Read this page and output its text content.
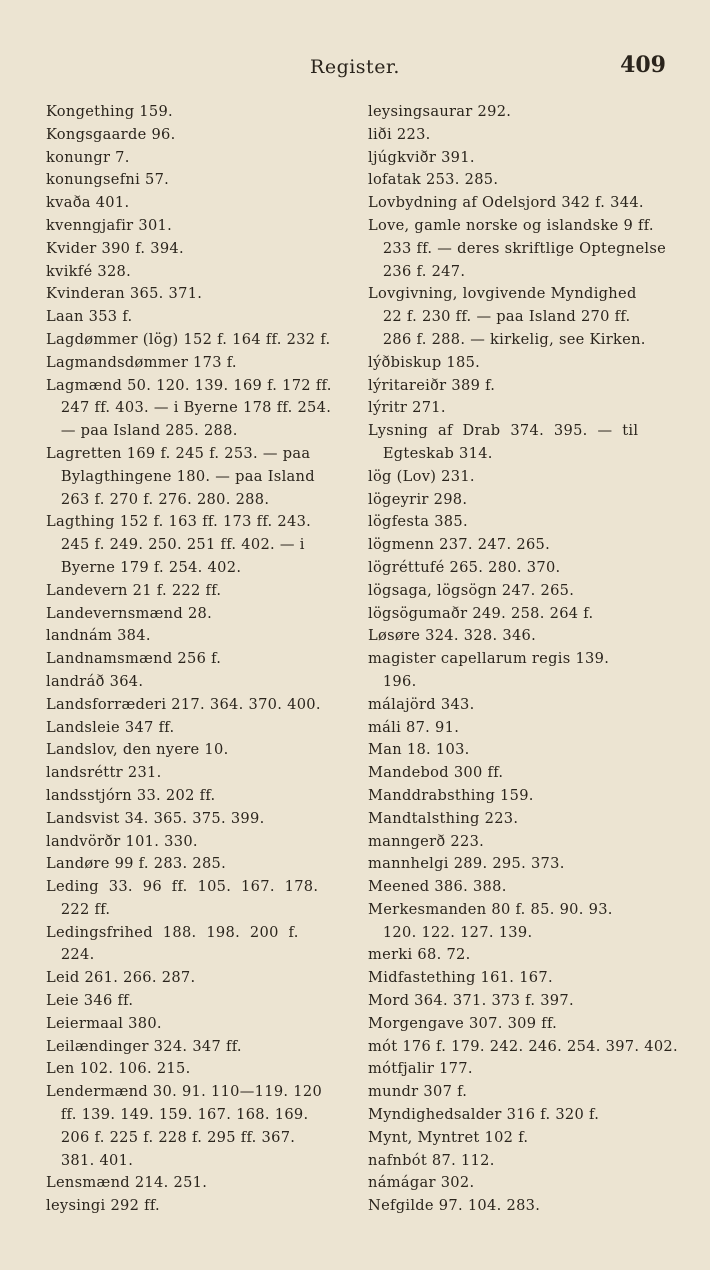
Register.	409
Kongething 159.
Kongsgaarde 96.
konungr 7.
konungsefni 57.
kvaða 401.
kvenngjafir 301.
Kvider 390 f. 394.
kvikfé 328.
Kvinderan 365. 371.
Laan 353 f.
Lagdømmer (lög) 152 f. 164 ff. 232 f.
Lagmandsdømmer 173 f.
Lagmænd 50. 120. 139. 169 f. 172 ff.
247 ff. 403. — i Byerne 178 ff. 254.
— paa Island 285. 288.
Lagretten 169 f. 245 f. 253. — paa
Bylagthingene 180. — paa Island
263 f. 270 f. 276. 280. 288.
Lagthing 152 f. 163 ff. 173 ff. 243.
245 f. 249. 250. 251 ff. 402. — i
Byerne 179 f. 254. 402.
Landevern 21 f. 222 ff.
Landevernsmænd 28.
landnám 384.
Landnamsmænd 256 f.
landráð 364.
Landsforræderi 217. 364. 370. 400.
Landsleie 347 ff.
Landslov, den nyere 10.
landsréttr 231.
landsstjórn 33. 202 ff.
Landsvist 34. 365. 375. 399.
landvörðr 101. 330.
Landøre 99 f. 283. 285.
Leding  33.  96  ff.  105.  167.  178.
222 ff.
Ledingsfrihed  188.  198.  200  f.
224.
Leid 261. 266. 287.
Leie 346 ff.
Leiermaal 380.
Leilændinger 324. 347 ff.
Len 102. 106. 215.
Lendermænd 30. 91. 110—119. 120
ff. 139. 149. 159. 167. 168. 169.
206 f. 225 f. 228 f. 295 ff. 367.
381. 401.
Lensmænd 214. 251.
leysingi 292 ff.
leysingsaurar 292.
liði 223.
ljúgkviðr 391.
lofatak 253. 285.
Lovbydning af Odelsjord 342 f. 344.
Love, gamle norske og islandske 9 ff.
233 ff. — deres skriftlige Optegnelse
236 f. 247.
Lovgivning, lovgivende Myndighed
22 f. 230 ff. — paa Island 270 ff.
286 f. 288. — kirkelig, see Kirken.
lýðbiskup 185.
lýritareiðr 389 f.
lýritr 271.
Lysning  af  Drab  374.  395.  —  til
Egteskab 314.
lög (Lov) 231.
lögeyrir 298.
lögfesta 385.
lögmenn 237. 247. 265.
lögréttufé 265. 280. 370.
lögsaga, lögsögn 247. 265.
lögsögumaðr 249. 258. 264 f.
Løsøre 324. 328. 346.
magister capellarum regis 139.
196.
málajörd 343.
máli 87. 91.
Man 18. 103.
Mandebod 300 ff.
Manddrabsthing 159.
Mandtalsthing 223.
manngerð 223.
mannhelgi 289. 295. 373.
Meened 386. 388.
Merkesmanden 80 f. 85. 90. 93.
120. 122. 127. 139.
merki 68. 72.
Midfastething 161. 167.
Mord 364. 371. 373 f. 397.
Morgengave 307. 309 ff.
mót 176 f. 179. 242. 246. 254. 397. 402.
mótfjalir 177.
mundr 307 f.
Myndighedsalder 316 f. 320 f.
Mynt, Myntret 102 f.
nafnbót 87. 112.
námágar 302.
Nefgilde 97. 104. 283.
